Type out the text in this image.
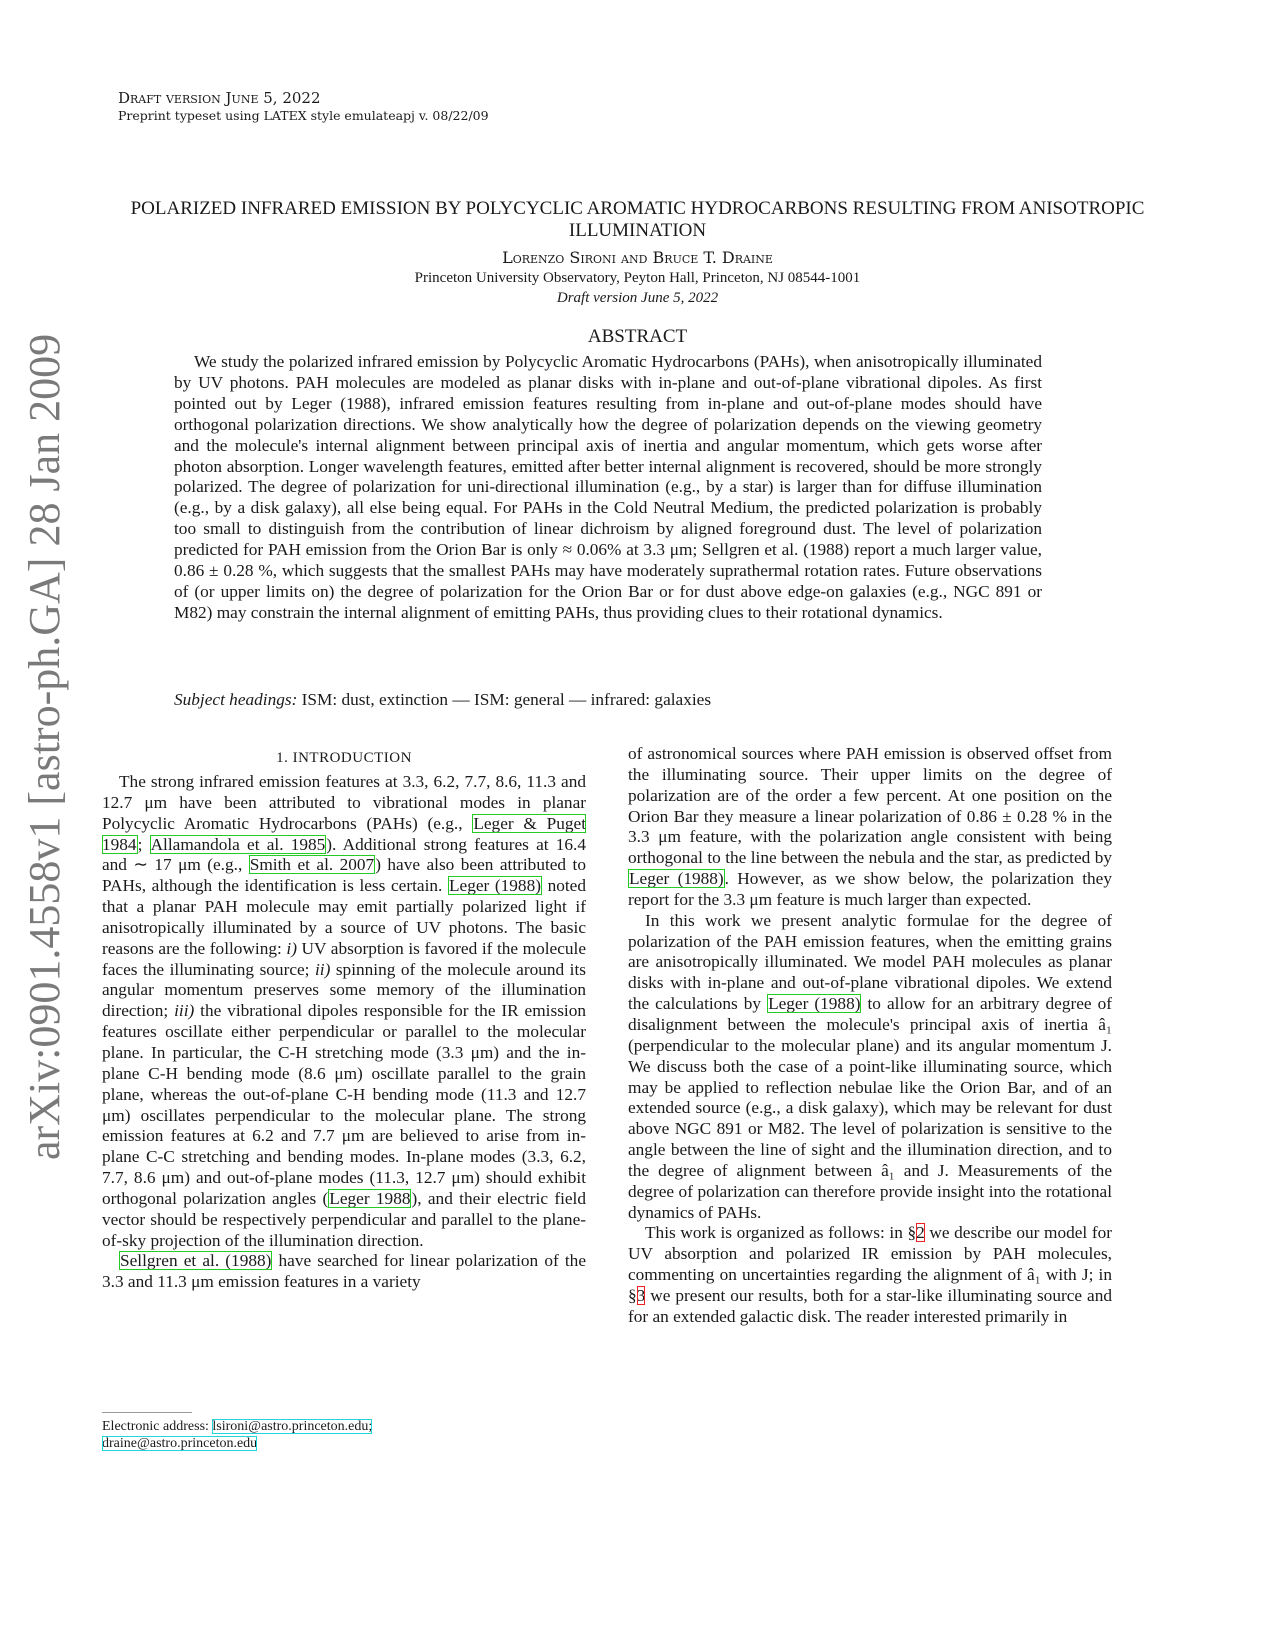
Draft version June 5, 2022
Preprint typeset using LATEX style emulateapj v. 08/22/09
POLARIZED INFRARED EMISSION BY POLYCYCLIC AROMATIC HYDROCARBONS RESULTING FROM ANISOTROPIC ILLUMINATION
Lorenzo Sironi and Bruce T. Draine
Princeton University Observatory, Peyton Hall, Princeton, NJ 08544-1001
Draft version June 5, 2022
ABSTRACT
We study the polarized infrared emission by Polycyclic Aromatic Hydrocarbons (PAHs), when anisotropically illuminated by UV photons. PAH molecules are modeled as planar disks with in-plane and out-of-plane vibrational dipoles. As first pointed out by Leger (1988), infrared emission features resulting from in-plane and out-of-plane modes should have orthogonal polarization directions. We show analytically how the degree of polarization depends on the viewing geometry and the molecule's internal alignment between principal axis of inertia and angular momentum, which gets worse after photon absorption. Longer wavelength features, emitted after better internal alignment is recovered, should be more strongly polarized. The degree of polarization for uni-directional illumination (e.g., by a star) is larger than for diffuse illumination (e.g., by a disk galaxy), all else being equal. For PAHs in the Cold Neutral Medium, the predicted polarization is probably too small to distinguish from the contribution of linear dichroism by aligned foreground dust. The level of polarization predicted for PAH emission from the Orion Bar is only ≈ 0.06% at 3.3 μm; Sellgren et al. (1988) report a much larger value, 0.86 ± 0.28 %, which suggests that the smallest PAHs may have moderately suprathermal rotation rates. Future observations of (or upper limits on) the degree of polarization for the Orion Bar or for dust above edge-on galaxies (e.g., NGC 891 or M82) may constrain the internal alignment of emitting PAHs, thus providing clues to their rotational dynamics.
Subject headings: ISM: dust, extinction — ISM: general — infrared: galaxies
arXiv:0901.4558v1 [astro-ph.GA] 28 Jan 2009	1. INTRODUCTION

The strong infrared emission features at 3.3, 6.2, 7.7, 8.6, 11.3 and 12.7 μm have been attributed to vibrational modes in planar Polycyclic Aromatic Hydrocarbons (PAHs) (e.g., Leger & Puget 1984; Allamandola et al. 1985). Additional strong features at 16.4 and ∼ 17 μm (e.g., Smith et al. 2007) have also been attributed to PAHs, although the identification is less certain. Leger (1988) noted that a planar PAH molecule may emit partially polarized light if anisotropically illuminated by a source of UV photons. The basic reasons are the following: i) UV absorption is favored if the molecule faces the illuminating source; ii) spinning of the molecule around its angular momentum preserves some memory of the illumination direction; iii) the vibrational dipoles responsible for the IR emission features oscillate either perpendicular or parallel to the molecular plane. In particular, the C-H stretching mode (3.3 μm) and the in-plane C-H bending mode (8.6 μm) oscillate parallel to the grain plane, whereas the out-of-plane C-H bending mode (11.3 and 12.7 μm) oscillates perpendicular to the molecular plane. The strong emission features at 6.2 and 7.7 μm are believed to arise from in-plane C-C stretching and bending modes. In-plane modes (3.3, 6.2, 7.7, 8.6 μm) and out-of-plane modes (11.3, 12.7 μm) should exhibit orthogonal polarization angles (Leger 1988), and their electric field vector should be respectively perpendicular and parallel to the plane-of-sky projection of the illumination direction.

Sellgren et al. (1988) have searched for linear polarization of the 3.3 and 11.3 μm emission features in a variety

of astronomical sources where PAH emission is observed offset from the illuminating source. Their upper limits on the degree of polarization are of the order a few percent. At one position on the Orion Bar they measure a linear polarization of 0.86 ± 0.28 % in the 3.3 μm feature, with the polarization angle consistent with being orthogonal to the line between the nebula and the star, as predicted by Leger (1988). However, as we show below, the polarization they report for the 3.3 μm feature is much larger than expected.

In this work we present analytic formulae for the degree of polarization of the PAH emission features, when the emitting grains are anisotropically illuminated. We model PAH molecules as planar disks with in-plane and out-of-plane vibrational dipoles. We extend the calculations by Leger (1988) to allow for an arbitrary degree of disalignment between the molecule's principal axis of inertia â₁ (perpendicular to the molecular plane) and its angular momentum J. We discuss both the case of a point-like illuminating source, which may be applied to reflection nebulae like the Orion Bar, and of an extended source (e.g., a disk galaxy), which may be relevant for dust above NGC 891 or M82. The level of polarization is sensitive to the angle between the line of sight and the illumination direction, and to the degree of alignment between â₁ and J. Measurements of the degree of polarization can therefore provide insight into the rotational dynamics of PAHs.

This work is organized as follows: in §2 we describe our model for UV absorption and polarized IR emission by PAH molecules, commenting on uncertainties regarding the alignment of â₁ with J; in §3 we present our results, both for a star-like illuminating source and for an extended galactic disk. The reader interested primarily in

Electronic address: lsironi@astro.princeton.edu;
draine@astro.princeton.edu
